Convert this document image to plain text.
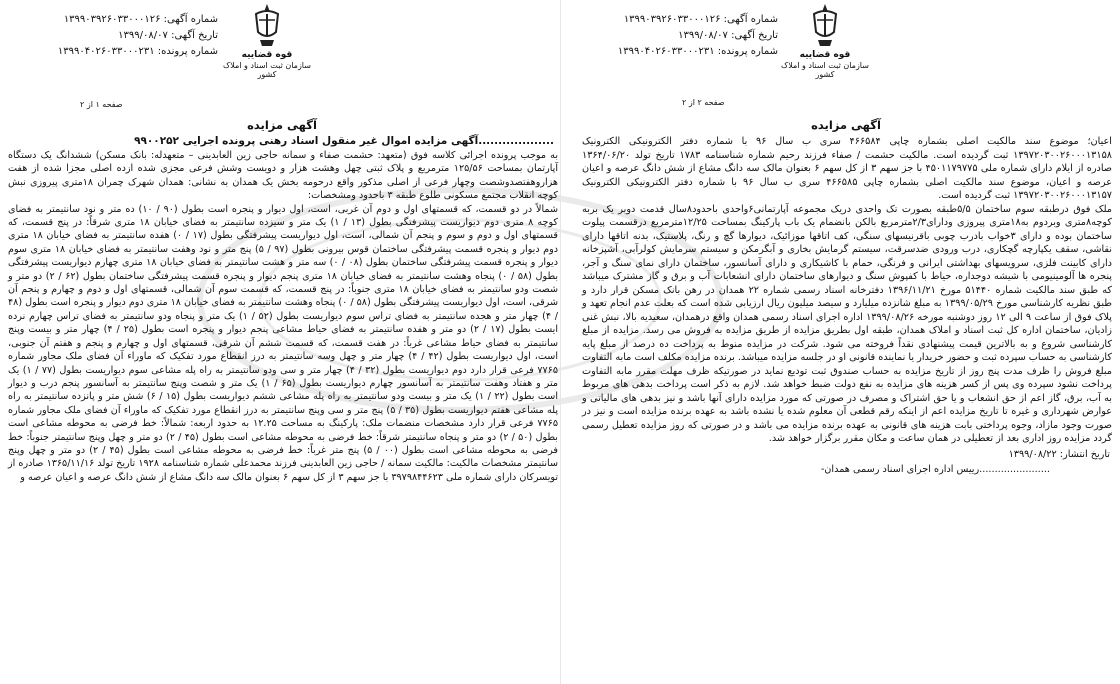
قوه قضاییه
سازمان ثبت اسناد و املاک کشور
شماره آگهی: ۱۳۹۹۰۳۹۲۶۰۳۳۰۰۰۱۲۶
تاریخ آگهی: ۱۳۹۹/۰۸/۰۷
شماره پرونده: ۱۳۹۹۰۴۰۲۶۰۳۳۰۰۰۲۳۱
صفحه ۲ از ۲
آگهی مزایده

اعیان؛ موضوع سند مالکیت اصلی بشماره چاپی ۴۶۶۵۸۴ سری ب سال ۹۶ با شماره دفتر الکترونیکی الکترونیک ۱۳۹۷۲۰۳۰۰۲۶۰۰۰۱۳۱۵۸ ثبت گردیده است. مالکیت حشمت / صفاء فرزند رحیم شماره شناسنامه ۱۷۸۳ تاریخ تولد ۱۳۶۴/۰۶/۲۰ صادره از ایلام دارای شماره ملی ۴۵۰۱۱۷۹۷۷۵ با جز سهم ۳ از کل سهم ۶ بعنوان مالک سه دانگ مشاع از شش دانگ عرصه و اعیان عرصه و اعیان، موضوع سند مالکیت اصلی بشماره چاپی ۴۶۶۵۸۵ سری ب سال ۹۶ با شماره دفتر الکترونیکی الکترونیک ۱۳۹۷۲۰۳۰۰۲۶۰۰۰۱۳۱۵۷ ثبت گردیده است.

ملک فوق درطبقه سوم ساختمان ۵/۵طبقه بصورت تک واحدی دریک مجموعه آپارتمانی۶واحدی باحدود۸سال قدمت دوبر یک بربه کوچه۸متری وبردوم به۱۸متری پیروزی ودارای۲/۳مترمربع بالکن بانضمام یک باب پارکینگ بمساحت ۱۲/۲۵مترمربع درقسمت پیلوت ساختمان بوده و دارای ۳خواب بادرب چوبی باقرنیسهای سنگی، کف اتاقها موزائیک، دیوارها گچ و رنگ، پلاستیک، بدنه اتاقها دارای نقاشی، سقف یکپارچه گچکاری، درب ورودی ضدسرقت، سیستم گرمایش بخاری و آبگرمکن و سیستم سرمایش کولرآبی، آشپزخانه دارای کابینت فلزی، سرویسهای بهداشتی ایرانی و فرنگی، حمام با کاشیکاری و دارای آسانسور، ساختمان دارای نمای سنگ و آجر، پنجره ها آلومینیومی با شیشه دوجداره، حیاط با کفپوش سنگ و دیوارهای ساختمان دارای انشعابات آب و برق و گاز مشترک میباشد که طبق سند مالکیت شماره ۵۱۴۴۰ مورخ ۱۳۹۶/۱۱/۲۱ دفترخانه اسناد رسمی شماره ۲۲ همدان در رهن بانک مسکن قرار دارد و طبق نظریه کارشناسی مورخ ۱۳۹۹/۰۵/۲۹ به مبلغ شانزده میلیارد و سیصد میلیون ریال ارزیابی شده است که بعلت عدم انجام تعهد و پلاک فوق از ساعت ۹ الی ۱۲ روز دوشنبه مورخه ۱۳۹۹/۰۸/۲۶ اداره اجرای اسناد رسمی همدان واقع درهمدان، سعیدیه بالا، نبش غنی زادیان، ساختمان اداره کل ثبت اسناد و املاک همدان، طبقه اول بطریق مزایده از طریق مزایده به فروش می رسد. مزایده از مبلغ کارشناسی شروع و به بالاترین قیمت پیشنهادی نقداً فروخته می شود. شرکت در مزایده منوط به پرداخت ده درصد از مبلغ پایه کارشناسی به حساب سپرده ثبت و حضور خریدار یا نماینده قانونی او در جلسه مزایده میباشد. برنده مزایده مکلف است مابه التفاوت مبلغ فروش را ظرف مدت پنج روز از تاریخ مزایده به حساب صندوق ثبت تودیع نماید در صورتیکه ظرف مهلت مقرر مابه التفاوت پرداخت نشود سپرده وی پس از کسر هزینه های مزایده به نفع دولت ضبط خواهد شد. لازم به ذکر است پرداخت بدهی های مربوط به آب، برق، گاز اعم از حق انشعاب و یا حق اشتراک و مصرف در صورتی که مورد مزایده دارای آنها باشد و نیز بدهی های مالیاتی و عوارض شهرداری و غیره تا تاریخ مزایده اعم از اینکه رقم قطعی آن معلوم شده یا نشده باشد به عهده برنده مزایده است و نیز در صورت وجود مازاد، وجوه پرداختی بابت هزینه های قانونی به عهده برنده مزایده می باشد و در صورتی که روز مزایده تعطیل رسمی گردد مزایده روز اداری بعد از تعطیلی در همان ساعت و مکان مقرر برگزار خواهد شد.

تاریخ انتشار: ۱۳۹۹/۰۸/۲۲
.......................رییس اداره اجرای اسناد رسمی همدان-
قوه قضاییه
سازمان ثبت اسناد و املاک کشور
شماره آگهی: ۱۳۹۹۰۳۹۲۶۰۳۳۰۰۰۱۲۶
تاریخ آگهی: ۱۳۹۹/۰۸/۰۷
شماره پرونده: ۱۳۹۹۰۴۰۲۶۰۳۳۰۰۰۲۳۱
صفحه ۱ از ۲
آگهی مزایده
...................آگهی مزایده اموال غیر منقول اسناد رهنی پرونده اجرایی ۹۹۰۰۲۵۲

به موجب پرونده اجرائی کلاسه فوق (متعهد: حشمت صفاء و سمانه حاجی زین العابدینی – متعهدله: بانک مسکن) ششدانگ یک دستگاه آپارتمان بمساحت ۱۲۵/۵۶ مترمربع و پلاک ثبتی چهل وهشت هزار و دویست وشش فرعی مجزی شده ازده اصلی مجزا شده از هفت هزاروهفتصدوشصت وچهار فرعی از اصلی مذکور واقع درحومه بخش یک همدان به نشانی: همدان شهرک چمران ۱۸متری پیروزی نبش کوچه انقلاب مجتمع مسکونی طلوع طبقه ۳ باحدود ومشخصات:

شمالاً در دو قسمت، که قسمتهای اول و دوم آن غربی، است، اول دیوار و پنجره است بطول (۹۰ / ۱۰) ده متر و نود سانتیمتر به فضای کوچه ۸ متری دوم دیواریست پیشرفتگی بطول (۱۳ / ۱) یک متر و سیزده سانتیمتر به فضای خیابان ۱۸ متری شرقاً: در پنج قسمت، که قسمتهای اول و دوم و سوم و پنجم آن شمالی، است، اول دیواریست پیشرفتگی بطول (۱۷ / ۰) هفده سانتیمتر به فضای خیابان ۱۸ متری دوم دیوار و پنجره قسمت پیشرفتگی ساختمان قوس بیرونی بطول (۹۷ / ۵) پنج متر و نود وهفت سانتیمتر به فضای خیابان ۱۸ متری سوم دیوار و پنجره قسمت پیشرفتگی ساختمان بطول (۰۸ / ۰) سه متر و هشت سانتیمتر به فضای خیابان ۱۸ متری چهارم دیواریست پیشرفتگی بطول (۵۸ / ۰) پنجاه وهشت سانتیمتر به فضای خیابان ۱۸ متری پنجم دیوار و پنجره قسمت پیشرفتگی ساختمان بطول (۶۲ / ۲) دو متر و شصت ودو سانتیمتر به فضای خیابان ۱۸ متری جنوباً: در پنج قسمت، که قسمت سوم آن شمالی، قسمتهای اول و دوم و چهارم و پنجم آن شرقی، است، اول دیواریست پیشرفتگی بطول (۵۸ / ۰) پنجاه وهشت سانتیمتر به فضای خیابان ۱۸ متری دوم دیوار و پنجره است بطول (۴۸ / ۴) چهار متر و هجده سانتیمتر به فضای تراس سوم دیواریست بطول (۵۲ / ۱) یک متر و پنجاه ودو سانتیمتر به فضای تراس چهارم نرده ایست بطول (۱۷ / ۲) دو متر و هفده سانتیمتر به فضای حیاط مشاعی پنجم دیوار و پنجره است بطول (۲۵ / ۴) چهار متر و بیست وپنج سانتیمتر به فضای حیاط مشاعی غرباً: در هفت قسمت، که قسمت ششم آن شرقی، قسمتهای اول و چهارم و پنجم و هفتم آن جنوبی، است، اول دیواریست بطول (۴۲ / ۴) چهار متر و چهل وسه سانتیمتر به درز انقطاع مورد تفکیک که ماوراء آن فضای ملک مجاور شماره ۷۷۶۵ فرعی قرار دارد دوم دیواریست بطول (۳۲ / ۴) چهار متر و سی ودو سانتیمتر به راه پله مشاعی سوم دیواریست بطول (۷۷ / ۱) یک متر و هفتاد وهفت سانتیمتر به آسانسور چهارم دیواریست بطول (۶۵ / ۱) یک متر و شصت وپنج سانتیمتر به آسانسور پنجم درب و دیوار است بطول (۲۲ / ۱) یک متر و بیست ودو سانتیمتر به راه پله مشاعی ششم دیواریست بطول (۱۵ / ۶) شش متر و پانزده سانتیمتر به راه پله مشاعی هفتم دیواریست بطول (۳۵ / ۵) پنج متر و سی وپنج سانتیمتر به درز انقطاع مورد تفکیک که ماوراء آن فضای ملک مجاور شماره ۷۷۶۵ فرعی قرار دارد مشخصات منضمات ملک: پارکینگ به مساحت ۱۲.۲۵ به حدود اربعه: شمالاً: خط فرضی به محوطه مشاعی است بطول (۵۰ / ۲) دو متر و پنجاه سانتیمتر شرقاً: خط فرضی به محوطه مشاعی است بطول (۴۵ / ۲) دو متر و چهل وپنج سانتیمتر جنوباً: خط فرضی به محوطه مشاعی است بطول (۰۰ / ۵) پنج متر غرباً: خط فرضی به محوطه مشاعی است بطول (۴۵ / ۲) دو متر و چهل وپنج سانتیمتر مشخصات مالکیت: مالکیت سمانه / حاجی زین العابدینی فرزند محمدعلی شماره شناسنامه ۱۹۲۸ تاریخ تولد ۱۳۶۵/۱۱/۱۶ صادره از تویسرکان دارای شماره ملی ۳۹۷۹۸۴۴۶۲۳ با جز سهم ۳ از کل سهم ۶ بعنوان مالک سه دانگ مشاع از شش دانگ عرصه و اعیان عرصه و
